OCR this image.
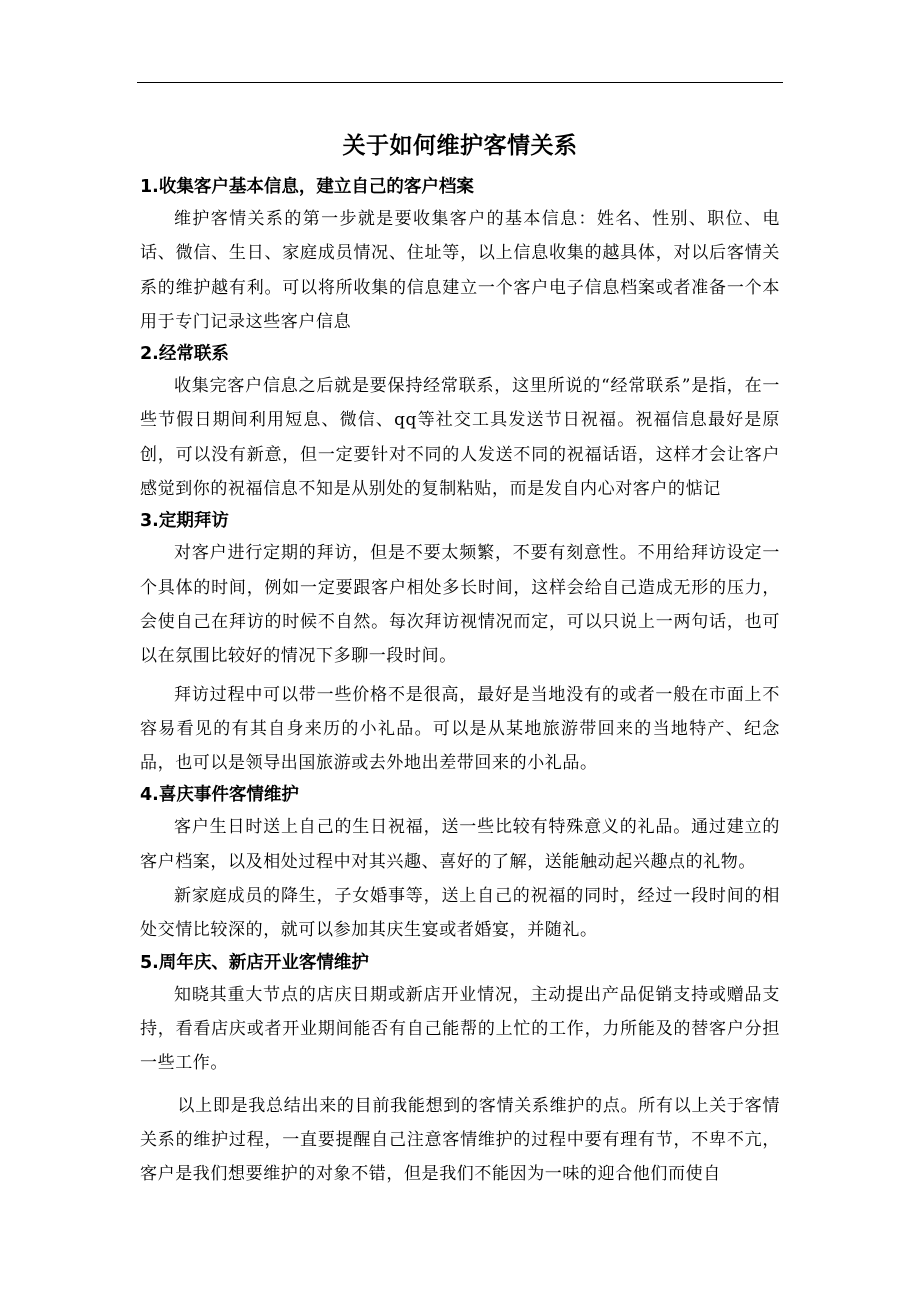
关于如何维护客情关系
1.收集客户基本信息，建立自己的客户档案

维护客情关系的第一步就是要收集客户的基本信息：姓名、性别、职位、电话、微信、生日、家庭成员情况、住址等，以上信息收集的越具体，对以后客情关系的维护越有利。可以将所收集的信息建立一个客户电子信息档案或者准备一个本用于专门记录这些客户信息

2.经常联系

收集完客户信息之后就是要保持经常联系，这里所说的“经常联系”是指，在一些节假日期间利用短息、微信、qq等社交工具发送节日祝福。祝福信息最好是原创，可以没有新意，但一定要针对不同的人发送不同的祝福话语，这样才会让客户感觉到你的祝福信息不知是从别处的复制粘贴，而是发自内心对客户的惦记

3.定期拜访

对客户进行定期的拜访，但是不要太频繁，不要有刻意性。不用给拜访设定一个具体的时间，例如一定要跟客户相处多长时间，这样会给自己造成无形的压力，会使自己在拜访的时候不自然。每次拜访视情况而定，可以只说上一两句话，也可以在氛围比较好的情况下多聊一段时间。

拜访过程中可以带一些价格不是很高，最好是当地没有的或者一般在市面上不容易看见的有其自身来历的小礼品。可以是从某地旅游带回来的当地特产、纪念品，也可以是领导出国旅游或去外地出差带回来的小礼品。

4.喜庆事件客情维护

客户生日时送上自己的生日祝福，送一些比较有特殊意义的礼品。通过建立的客户档案，以及相处过程中对其兴趣、喜好的了解，送能触动起兴趣点的礼物。

新家庭成员的降生，子女婚事等，送上自己的祝福的同时，经过一段时间的相处交情比较深的，就可以参加其庆生宴或者婚宴，并随礼。

5.周年庆、新店开业客情维护

知晓其重大节点的店庆日期或新店开业情况，主动提出产品促销支持或赠品支持，看看店庆或者开业期间能否有自己能帮的上忙的工作，力所能及的替客户分担一些工作。

以上即是我总结出来的目前我能想到的客情关系维护的点。所有以上关于客情关系的维护过程，一直要提醒自己注意客情维护的过程中要有理有节，不卑不亢，客户是我们想要维护的对象不错，但是我们不能因为一味的迎合他们而使自
